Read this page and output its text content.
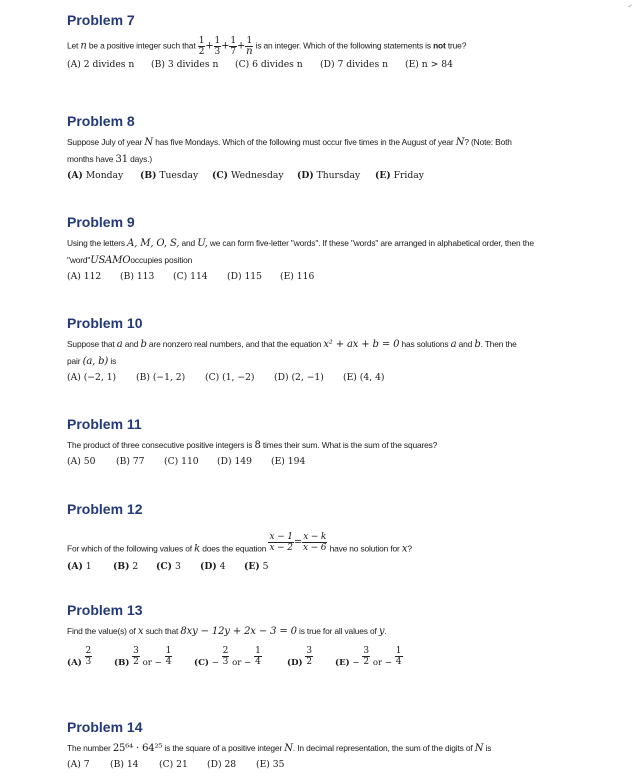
⸙
Problem 7
Let n be a positive integer such that $\frac{1}{2} + \frac{1}{3} + \frac{1}{7} + \frac{1}{n}$ is an integer. Which of the following statements is not true?
(A) 2 divides n (B) 3 divides n (C) 6 divides n (D) 7 divides n (E) n > 84
Problem 8
Suppose July of year N has five Mondays. Which of the following must occur five times in the August of year N? (Note: Both
months have 31 days.)
(A) Monday (B) Tuesday (C) Wednesday (D) Thursday (E) Friday
Problem 9
Using the letters A, M, O, S, and U, we can form five-letter "words". If these "words" are arranged in alphabetical order, then the
"word"USAMOoccupies position
(A) 112 (B) 113 (C) 114 (D) 115 (E) 116
Problem 10
Suppose that a and b are nonzero real numbers, and that the equation x² + ax + b = 0 has solutions a and b. Then the
pair (a, b) is
(A) (−2, 1) (B) (−1, 2) (C) (1, −2) (D) (2, −1) (E) (4, 4)
Problem 11
The product of three consecutive positive integers is 8 times their sum. What is the sum of the squares?
(A) 50 (B) 77 (C) 110 (D) 149 (E) 194
Problem 12
For which of the following values of k does the equation $\frac{x - 1}{x - 2} = \frac{x - k}{x - 6}$ have no solution for x?
(A) 1 (B) 2 (C) 3 (D) 4 (E) 5
Problem 13
Find the value(s) of x such that 8xy − 12y + 2x − 3 = 0 is true for all values of y.
$(A) \frac{2}{3}$	$(B) \frac{3}{2}$ or − $\frac{1}{4}$	$(C) - \frac{2}{3}$ or − $\frac{1}{4}$	$(D) \frac{3}{2}$	$(E) - \frac{3}{2}$ or − $\frac{1}{4}$
Problem 14
The number 25⁶⁴ · 64²⁵ is the square of a positive integer N. In decimal representation, the sum of the digits of N is
(A) 7 (B) 14 (C) 21 (D) 28 (E) 35
